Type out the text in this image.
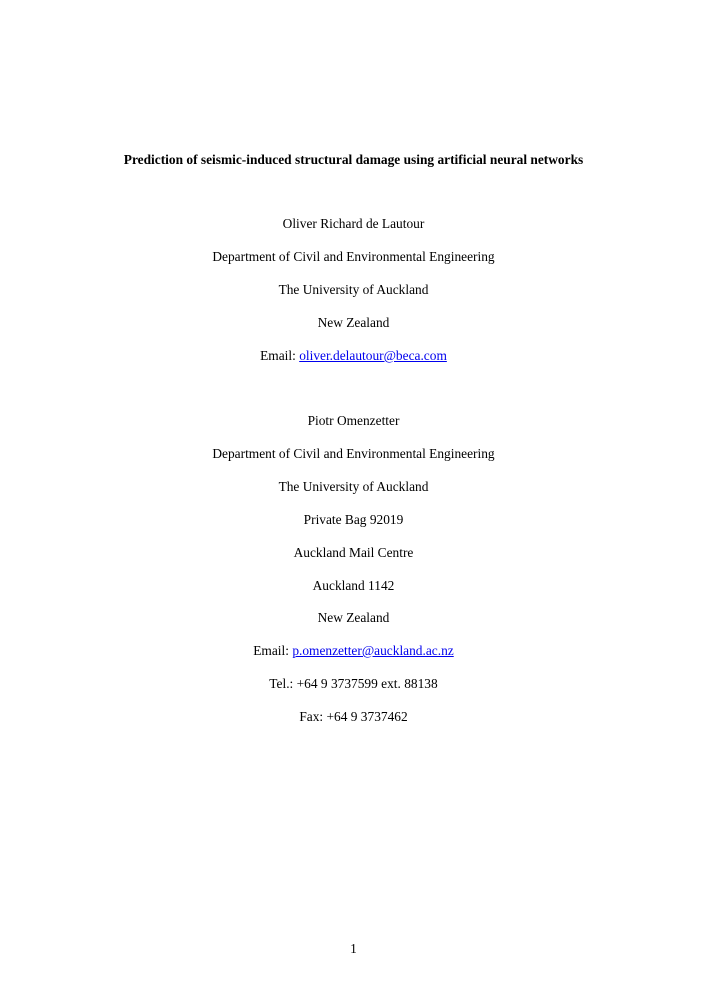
Prediction of seismic-induced structural damage using artificial neural networks
Oliver Richard de Lautour
Department of Civil and Environmental Engineering
The University of Auckland
New Zealand
Email: oliver.delautour@beca.com
Piotr Omenzetter
Department of Civil and Environmental Engineering
The University of Auckland
Private Bag 92019
Auckland Mail Centre
Auckland 1142
New Zealand
Email: p.omenzetter@auckland.ac.nz
Tel.: +64 9 3737599 ext. 88138
Fax: +64 9 3737462
1
